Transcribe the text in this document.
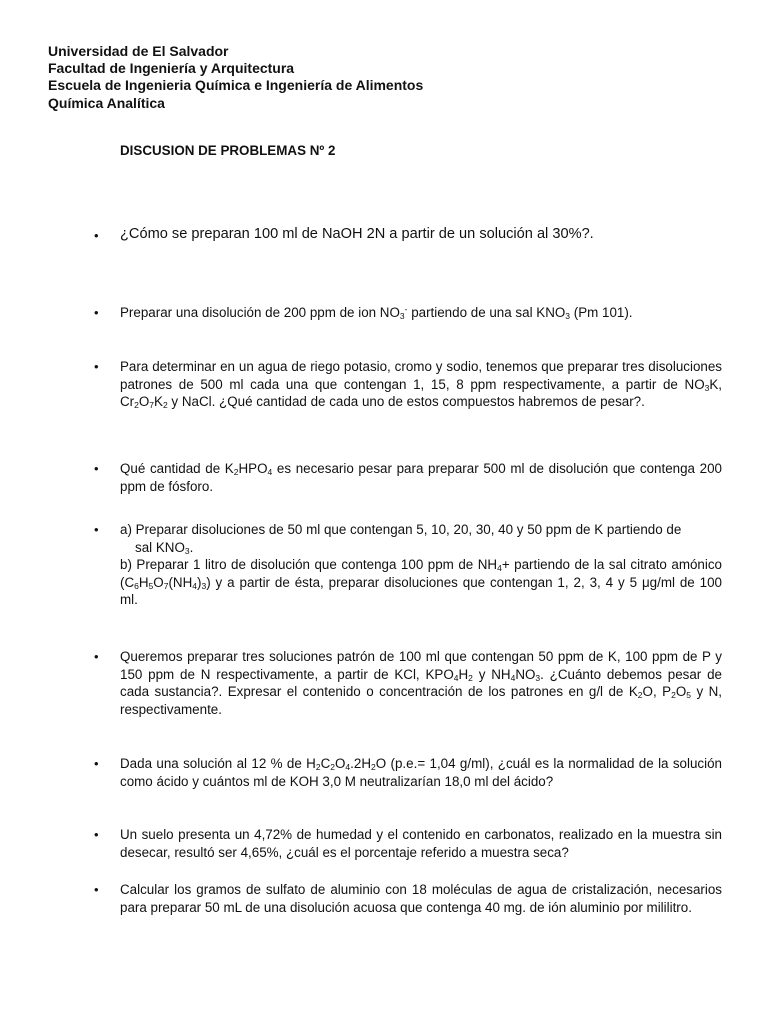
Universidad de El Salvador
Facultad de Ingeniería y Arquitectura
Escuela de Ingenieria Química e Ingeniería de Alimentos
Química Analítica
DISCUSION DE PROBLEMAS Nº 2
• ¿Cómo se preparan 100 ml de NaOH 2N a partir de un solución al 30%?.
• Preparar una disolución de 200 ppm de ion $NO_3^-$ partiendo de una sal $KNO_3$ (Pm 101).
• Para determinar en un agua de riego potasio, cromo y sodio, tenemos que preparar tres disoluciones patrones de 500 ml cada una que contengan 1, 15, 8 ppm respectivamente, a partir de $NO_3K$, $Cr_2O_7K_2$ y NaCl. ¿Qué cantidad de cada uno de estos compuestos habremos de pesar?.
• Qué cantidad de $K_2HPO_4$ es necesario pesar para preparar 500 ml de disolución que contenga 200 ppm de fósforo.
• a) Preparar disoluciones de 50 ml que contengan 5, 10, 20, 30, 40 y 50 ppm de K partiendo de
sal $KNO_3$.
b) Preparar 1 litro de disolución que contenga 100 ppm de $NH_4+$ partiendo de la sal citrato amónico $(C_6H_5O_7(NH_4)_3)$ y a partir de ésta, preparar disoluciones que contengan 1, 2, 3, 4 y 5 μg/ml de 100 ml.
• Queremos preparar tres soluciones patrón de 100 ml que contengan 50 ppm de K, 100 ppm de P y 150 ppm de N respectivamente, a partir de KCl, $KPO_4H_2$ y $NH_4NO_3$. ¿Cuánto debemos pesar de cada sustancia?. Expresar el contenido o concentración de los patrones en g/l de $K_2O$, $P_2O_5$ y N, respectivamente.
• Dada una solución al 12 % de $H_2C_2O_4.2H_2O$ (p.e.= 1,04 g/ml), ¿cuál es la normalidad de la solución como ácido y cuántos ml de KOH 3,0 M neutralizarían 18,0 ml del ácido?
• Un suelo presenta un 4,72% de humedad y el contenido en carbonatos, realizado en la muestra sin desecar, resultó ser 4,65%, ¿cuál es el porcentaje referido a muestra seca?
• Calcular los gramos de sulfato de aluminio con 18 moléculas de agua de cristalización, necesarios para preparar 50 mL de una disolución acuosa que contenga 40 mg. de ión aluminio por mililitro.
